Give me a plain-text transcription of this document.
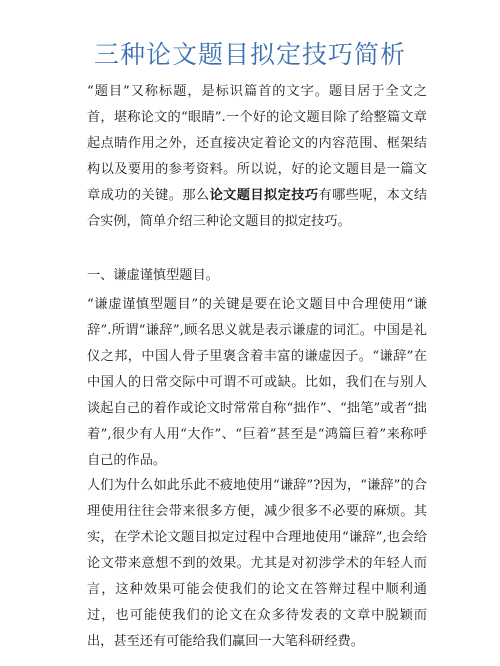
三种论文题目拟定技巧简析

“题目”又称标题，是标识篇首的文字。题目居于全文之首，堪称论文的“眼睛”.一个好的论文题目除了给整篇文章起点睛作用之外，还直接决定着论文的内容范围、框架结构以及要用的参考资料。所以说，好的论文题目是一篇文章成功的关键。那么论文题目拟定技巧有哪些呢，本文结合实例，简单介绍三种论文题目的拟定技巧。

一、谦虚谨慎型题目。

“谦虚谨慎型题目”的关键是要在论文题目中合理使用“谦辞”.所谓“谦辞”,顾名思义就是表示谦虚的词汇。中国是礼仪之邦，中国人骨子里褒含着丰富的谦虚因子。“谦辞”在中国人的日常交际中可谓不可或缺。比如，我们在与别人谈起自己的着作或论文时常常自称“拙作”、“拙笔”或者“拙着”,很少有人用“大作”、“巨着”甚至是“鸿篇巨着”来称呼自己的作品。

人们为什么如此乐此不疲地使用“谦辞”?因为，“谦辞”的合理使用往往会带来很多方便，减少很多不必要的麻烦。其实，在学术论文题目拟定过程中合理地使用“谦辞”,也会给论文带来意想不到的效果。尤其是对初涉学术的年轻人而言，这种效果可能会使我们的论文在答辩过程中顺利通过，也可能使我们的论文在众多待发表的文章中脱颖而出，甚至还有可能给我们赢回一大笔科研经费。
